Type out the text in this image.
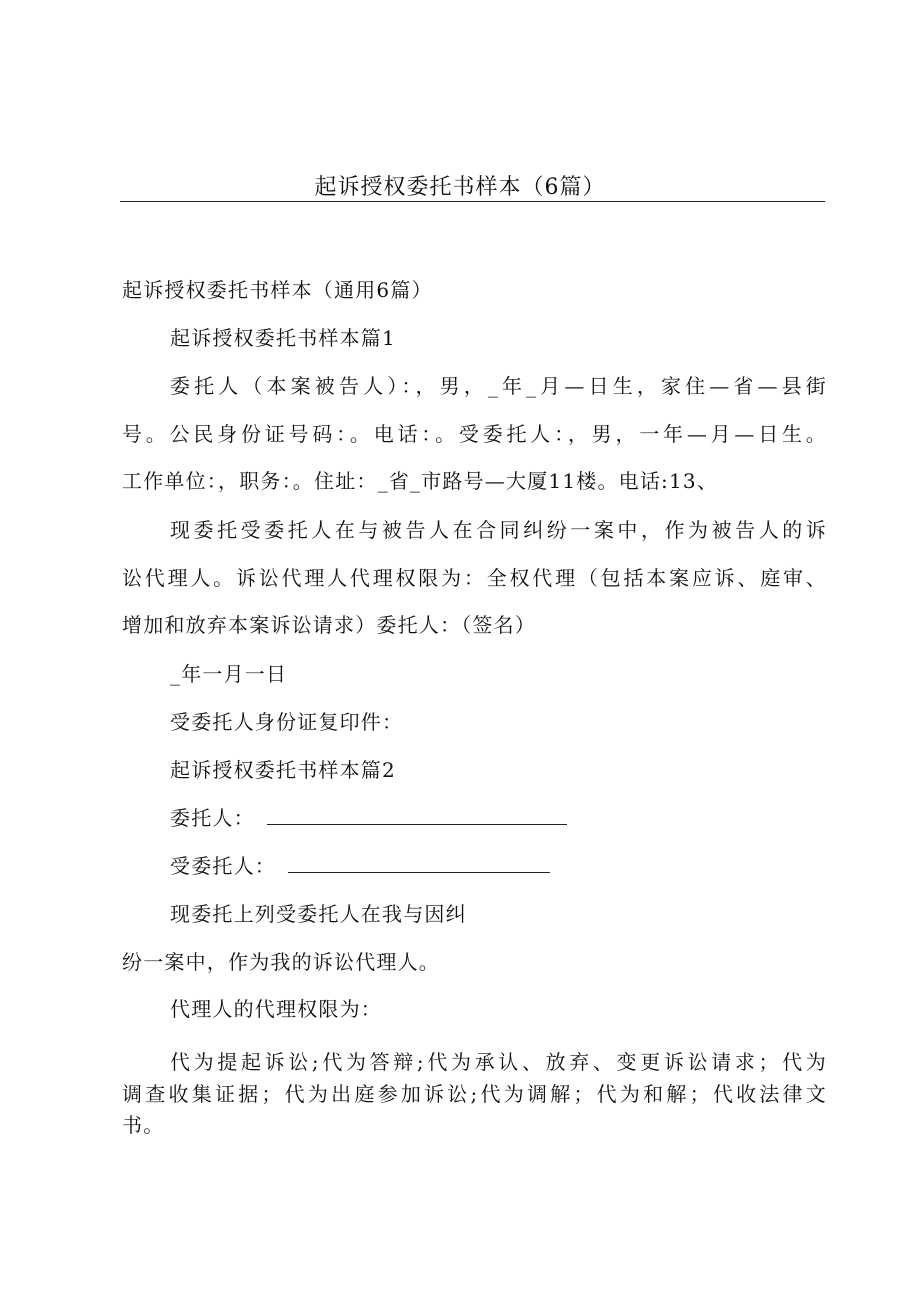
起诉授权委托书样本（6篇）
起诉授权委托书样本（通用6篇）
起诉授权委托书样本篇1
委托人（本案被告人）：，男，_年_月—日生，家住—省—县街
号。公民身份证号码：。电话：。受委托人：，男，一年—月—日生。
工作单位：，职务：。住址：_省_市路号—大厦11楼。电话:13、
现委托受委托人在与被告人在合同纠纷一案中，作为被告人的诉
讼代理人。诉讼代理人代理权限为：全权代理（包括本案应诉、庭审、
增加和放弃本案诉讼请求）委托人：（签名）
_年一月一日
受委托人身份证复印件：
起诉授权委托书样本篇2
委托人：
受委托人：
现委托上列受委托人在我与因纠
纷一案中，作为我的诉讼代理人。
代理人的代理权限为：
代为提起诉讼;代为答辩;代为承认、放弃、变更诉讼请求；代为
调查收集证据；代为出庭参加诉讼;代为调解；代为和解；代收法律文
书。
